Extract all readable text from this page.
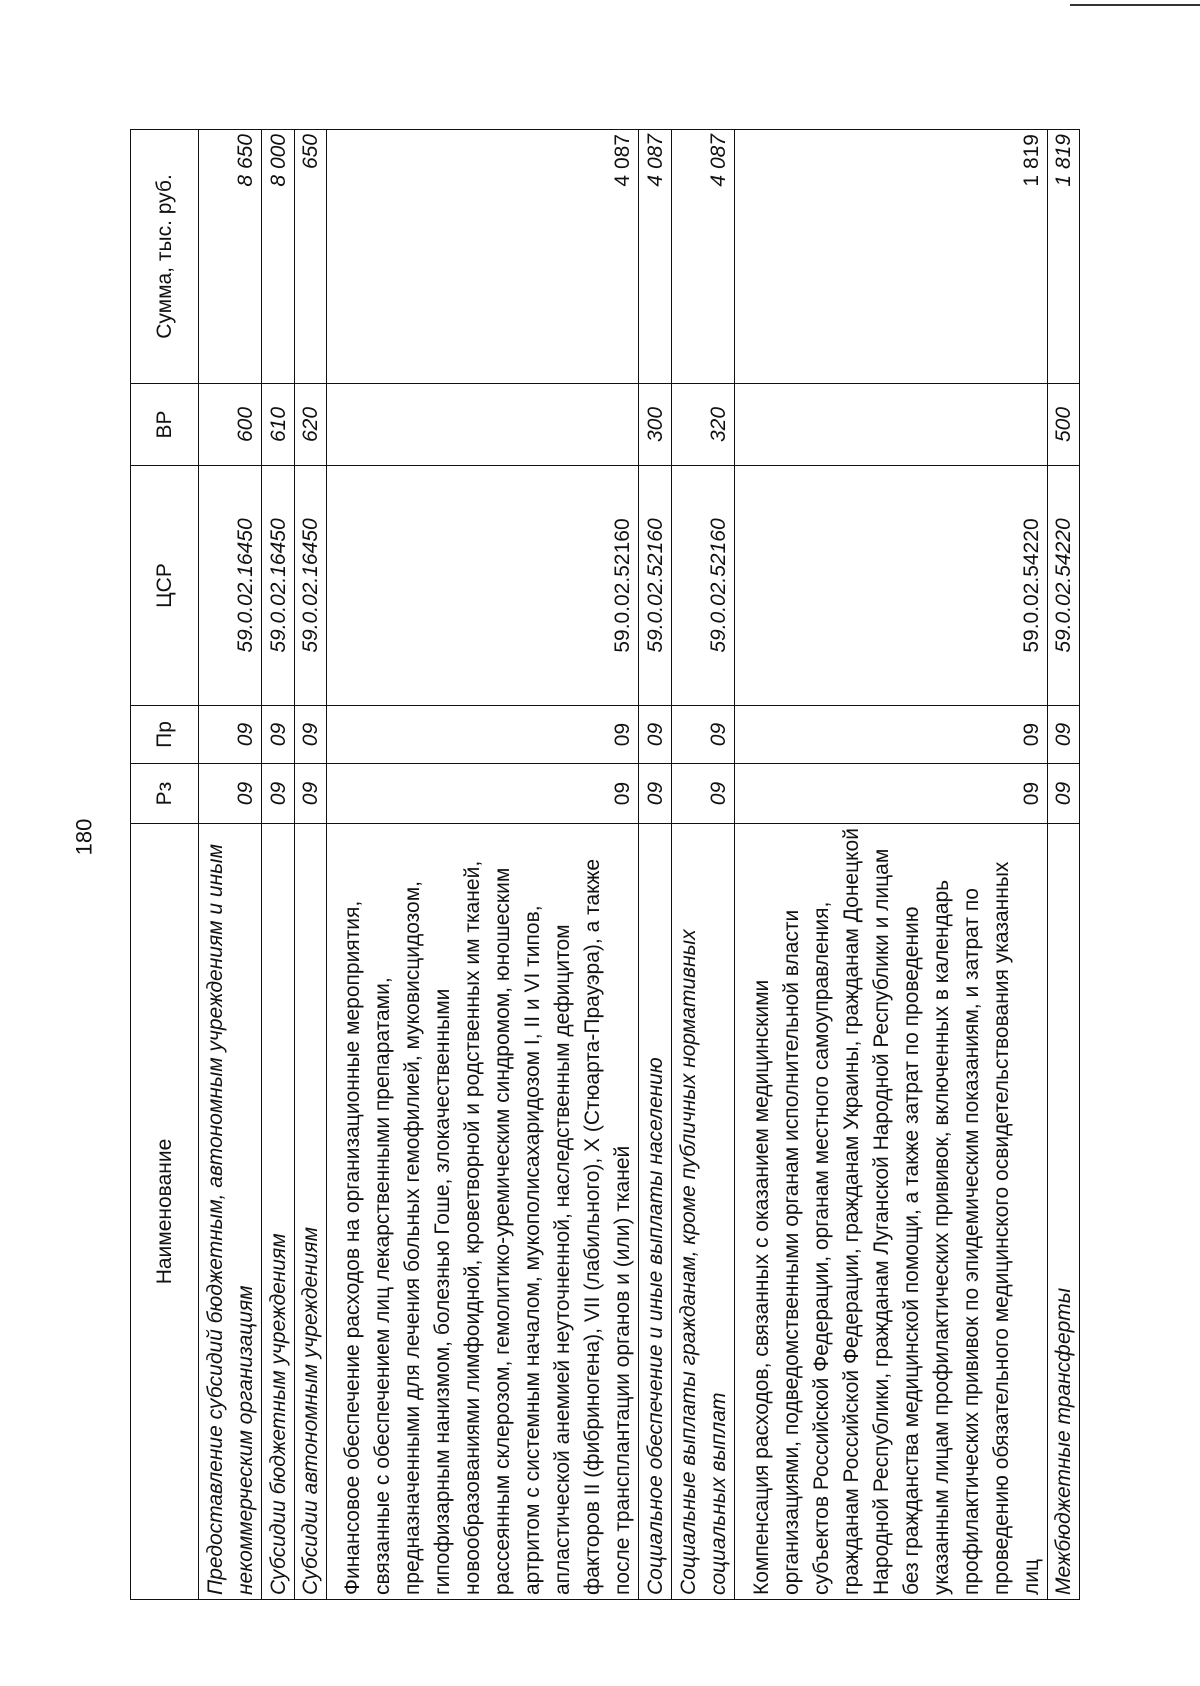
180
Наименование	Рз	Пр	ЦСР	ВР	Сумма, тыс. руб.
Предоставление субсидий бюджетным, автономным учреждениям и иным некоммерческим организациям	09	09	59.0.02.16450	600	8 650
Субсидии бюджетным учреждениям	09	09	59.0.02.16450	610	8 000
Субсидии автономным учреждениям	09	09	59.0.02.16450	620	650
Финансовое обеспечение расходов на организационные мероприятия, связанные с обеспечением лиц лекарственными препаратами, предназначенными для лечения больных гемофилией, муковисцидозом, гипофизарным нанизмом, болезнью Гоше, злокачественными новообразованиями лимфоидной, кроветворной и родственных им тканей, рассеянным склерозом, гемолитико-уремическим синдромом, юношеским артритом с системным началом, мукополисахаридозом I, II и VI типов, апластической анемией неуточненной, наследственным дефицитом факторов II (фибриногена), VII (лабильного), X (Стюарта-Прауэра), а также после трансплантации органов и (или) тканей	09	09	59.0.02.52160		4 087
Социальное обеспечение и иные выплаты населению	09	09	59.0.02.52160	300	4 087
Социальные выплаты гражданам, кроме публичных нормативных социальных выплат	09	09	59.0.02.52160	320	4 087
Компенсация расходов, связанных с оказанием медицинскими организациями, подведомственными органам исполнительной власти субъектов Российской Федерации, органам местного самоуправления, гражданам Российской Федерации, гражданам Украины, гражданам Донецкой Народной Республики, гражданам Луганской Народной Республики и лицам без гражданства медицинской помощи, а также затрат по проведению указанным лицам профилактических прививок, включенных в календарь профилактических прививок по эпидемическим показаниям, и затрат по проведению обязательного медицинского освидетельствования указанных лиц	09	09	59.0.02.54220		1 819
Межбюджетные трансферты	09	09	59.0.02.54220	500	1 819
